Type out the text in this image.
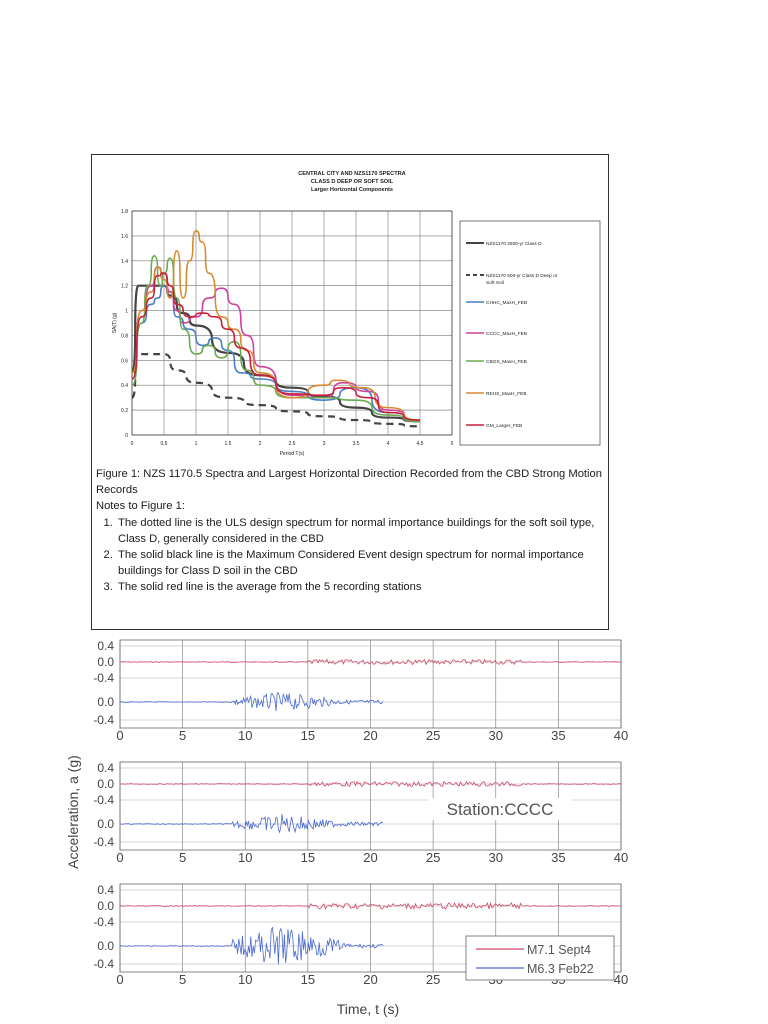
CENTRAL CITY AND NZS1170 SPECTRA
CLASS D DEEP OR SOFT SOIL
Larger Horizontal Components
0	0.5	1	1.5	2	2.5	3	3.5	4	4.5	5
0
0.2
0.4
0.6
0.8
1
1.2
1.4
1.6
1.8
Period T(s)
SA(T) (g)
NZS1170 2500-yr Class D
NZS1170 500-yr Class D Deep or Soft Soil
CHHC_MaxH_FEB
CCCC_MaxH_FEB
CBGS_MaxH_FEB
REHS_MaxH_FEB
GM_Larger_FEB

Figure 1: NZS 1170.5 Spectra and Largest Horizontal Direction Recorded from the CBD Strong Motion Records

Notes to Figure 1:

1. The dotted line is the ULS design spectrum for normal importance buildings for the soft soil type, Class D, generally considered in the CBD
2. The solid black line is the Maximum Considered Event design spectrum for normal importance buildings for Class D soil in the CBD
3. The solid red line is the average from the 5 recording stations
0	5	10	15	20	25	30	35	40
0.4
0.0
-0.4
0.0
-0.4
0	5	10	15	20	25	30	35	40
0.4
0.0
-0.4
0.0
-0.4
0	5	10	15	20	25	40
0.4
0.0
-0.4
0.0
-0.4
Acceleration, a (g)
Time, t (s)
Station:CCCC
M7.1 Sept4
M6.3 Feb22
